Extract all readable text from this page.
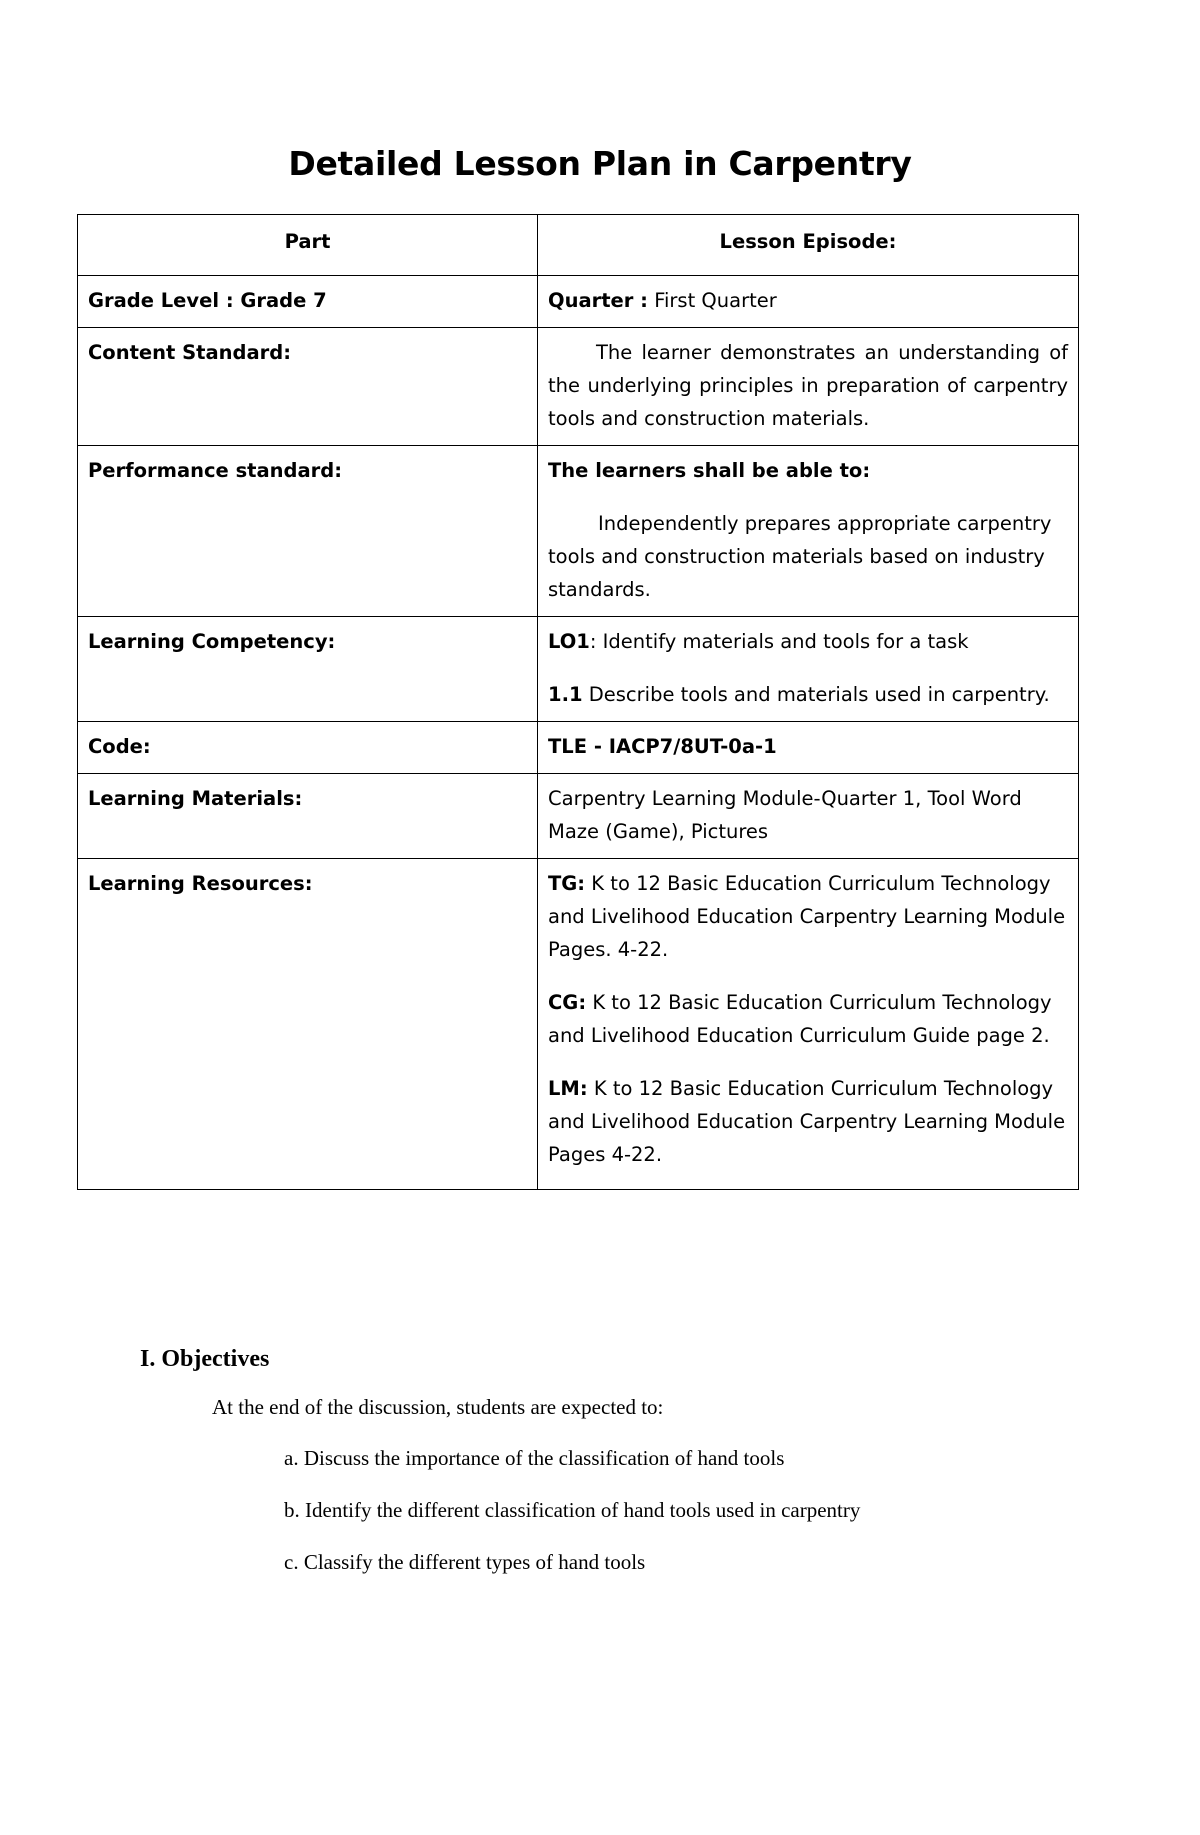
Detailed Lesson Plan in Carpentry
Part	Lesson Episode:
Grade Level : Grade 7	Quarter : First Quarter
Content Standard:	The learner demonstrates an understanding of the underlying principles in preparation of carpentry tools and construction materials.

Performance standard:	The learners shall be able to:

Independently prepares appropriate carpentry tools and construction materials based on industry standards.

Learning Competency:	LO1: Identify materials and tools for a task

1.1 Describe tools and materials used in carpentry.

Code:	TLE - IACP7/8UT-0a-1
Learning Materials:	Carpentry Learning Module-Quarter 1, Tool Word Maze (Game), Pictures
Learning Resources:	TG: K to 12 Basic Education Curriculum Technology and Livelihood Education Carpentry Learning Module Pages. 4-22.

CG: K to 12 Basic Education Curriculum Technology and Livelihood Education Curriculum Guide page 2.

LM: K to 12 Basic Education Curriculum Technology and Livelihood Education Carpentry Learning Module Pages 4-22.

I. Objectives
At the end of the discussion, students are expected to:
a. Discuss the importance of the classification of hand tools
b. Identify the different classification of hand tools used in carpentry
c. Classify the different types of hand tools
